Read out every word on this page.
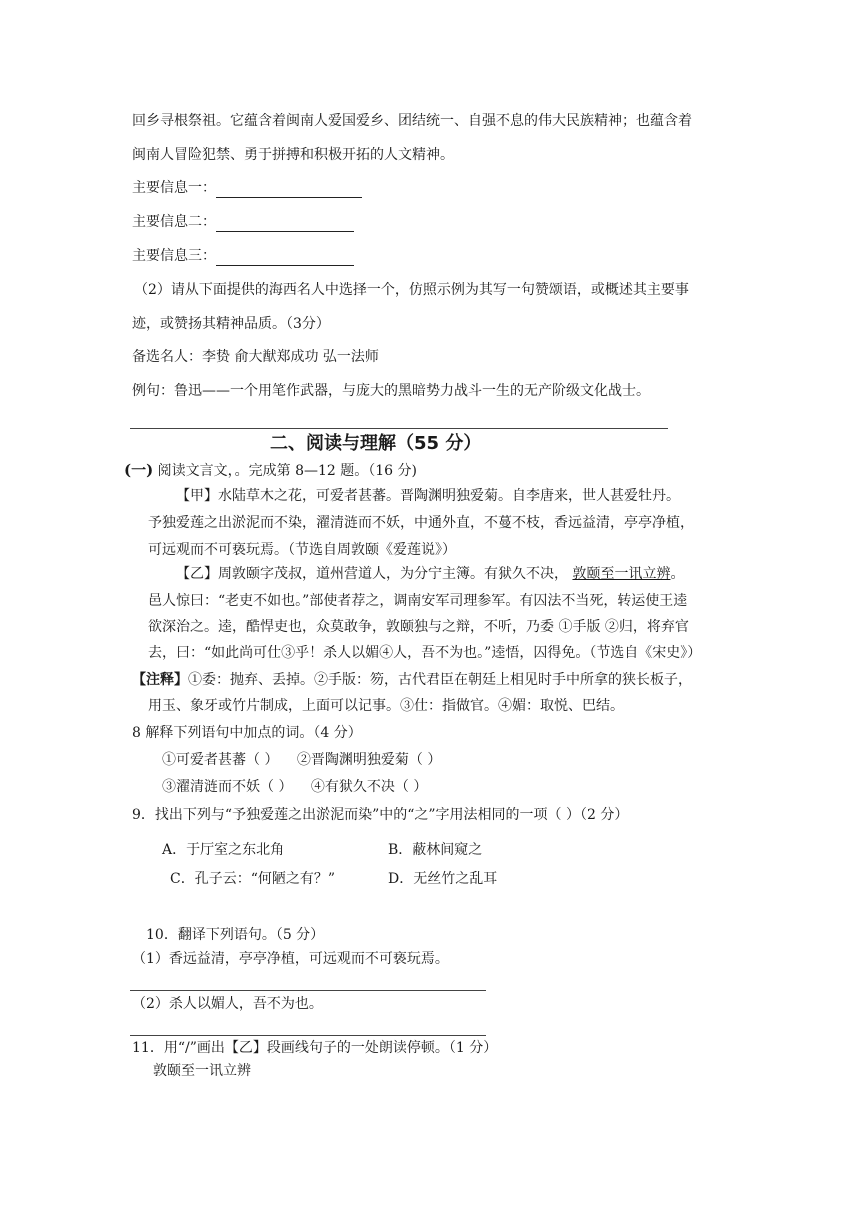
回乡寻根祭祖。它蕴含着闽南人爱国爱乡、团结统一、自强不息的伟大民族精神；也蕴含着
闽南人冒险犯禁、勇于拼搏和积极开拓的人文精神。
主要信息一：
主要信息二：
主要信息三：
（2）请从下面提供的海西名人中选择一个，仿照示例为其写一句赞颂语，或概述其主要事
迹，或赞扬其精神品质。（3分）
备选名人：李贽 俞大猷郑成功 弘一法师
例句：鲁迅——一个用笔作武器，与庞大的黑暗势力战斗一生的无产阶级文化战士。
二、阅读与理解（55 分）
(一) 阅读文言文，。完成第 8—12 题。（16 分)
【甲】水陆草木之花，可爱者甚蕃。晋陶渊明独爱菊。自李唐来，世人甚爱牡丹。
予独爱莲之出淤泥而不染，濯清涟而不妖，中通外直，不蔓不枝，香远益清，亭亭净植，
可远观而不可亵玩焉。（节选自周敦颐《爱莲说》）
【乙】周敦颐字茂叔，道州营道人，为分宁主簿。有狱久不决， 敦颐至一讯立辨。
邑人惊曰：“老吏不如也。”部使者荐之，调南安军司理参军。有囚法不当死，转运使王逵
欲深治之。逵，酷悍吏也，众莫敢争，敦颐独与之辩，不听，乃委 ①手版 ②归，将弃官
去，曰：“如此尚可仕③乎！杀人以媚④人，吾不为也。”逵悟，囚得免。（节选自《宋史》）
【注释】①委：抛弃、丢掉。②手版：笏，古代君臣在朝廷上相见时手中所拿的狭长板子，
用玉、象牙或竹片制成，上面可以记事。③仕：指做官。④媚：取悦、巴结。
8 解释下列语句中加点的词。（4 分）
①可爱者甚蕃（ ） ②晋陶渊明独爱菊（ ）
③濯清涟而不妖（ ） ④有狱久不决（ ）
9．找出下列与“予独爱莲之出淤泥而染”中的“之”字用法相同的一项（ ）（2 分）
A．于厅室之东北角	B．蔽林间窥之
C．孔子云：“何陋之有？”	D．无丝竹之乱耳
10．翻译下列语句。（5 分）
（1）香远益清，亭亭净植，可远观而不可亵玩焉。
（2）杀人以媚人，吾不为也。
11．用“/”画出【乙】段画线句子的一处朗读停顿。（1 分）
敦颐至一讯立辨
